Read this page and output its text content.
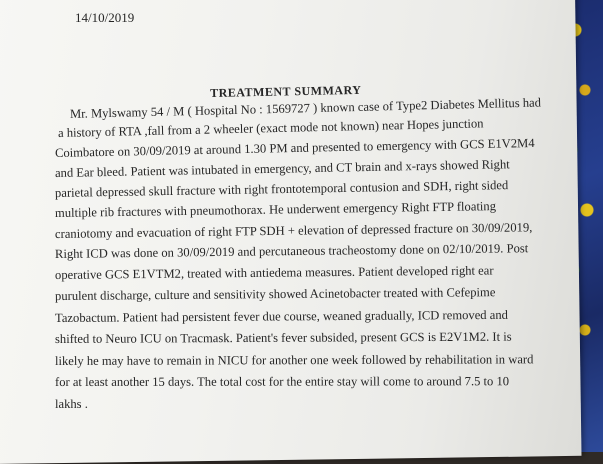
14/10/2019
TREATMENT SUMMARY
Mr. Mylswamy 54 / M ( Hospital No : 1569727 ) known case of Type2 Diabetes Mellitus had
a history of RTA ,fall from a 2 wheeler (exact mode not known) near Hopes junction
Coimbatore on 30/09/2019 at around 1.30 PM and presented to emergency with GCS E1V2M4
and Ear bleed. Patient was intubated in emergency, and CT brain and x-rays showed Right
parietal depressed skull fracture with right frontotemporal contusion and SDH, right sided
multiple rib fractures with pneumothorax. He underwent emergency Right FTP floating
craniotomy and evacuation of right FTP SDH + elevation of depressed fracture on 30/09/2019,
Right ICD was done on 30/09/2019 and percutaneous tracheostomy done on 02/10/2019. Post
operative GCS E1VTM2, treated with antiedema measures. Patient developed right ear
purulent discharge, culture and sensitivity showed Acinetobacter treated with Cefepime
Tazobactum. Patient had persistent fever due course, weaned gradually, ICD removed and
shifted to Neuro ICU on Tracmask. Patient's fever subsided, present GCS is E2V1M2. It is
likely he may have to remain in NICU for another one week followed by rehabilitation in ward
for at least another 15 days. The total cost for the entire stay will come to around 7.5 to 10
lakhs .
